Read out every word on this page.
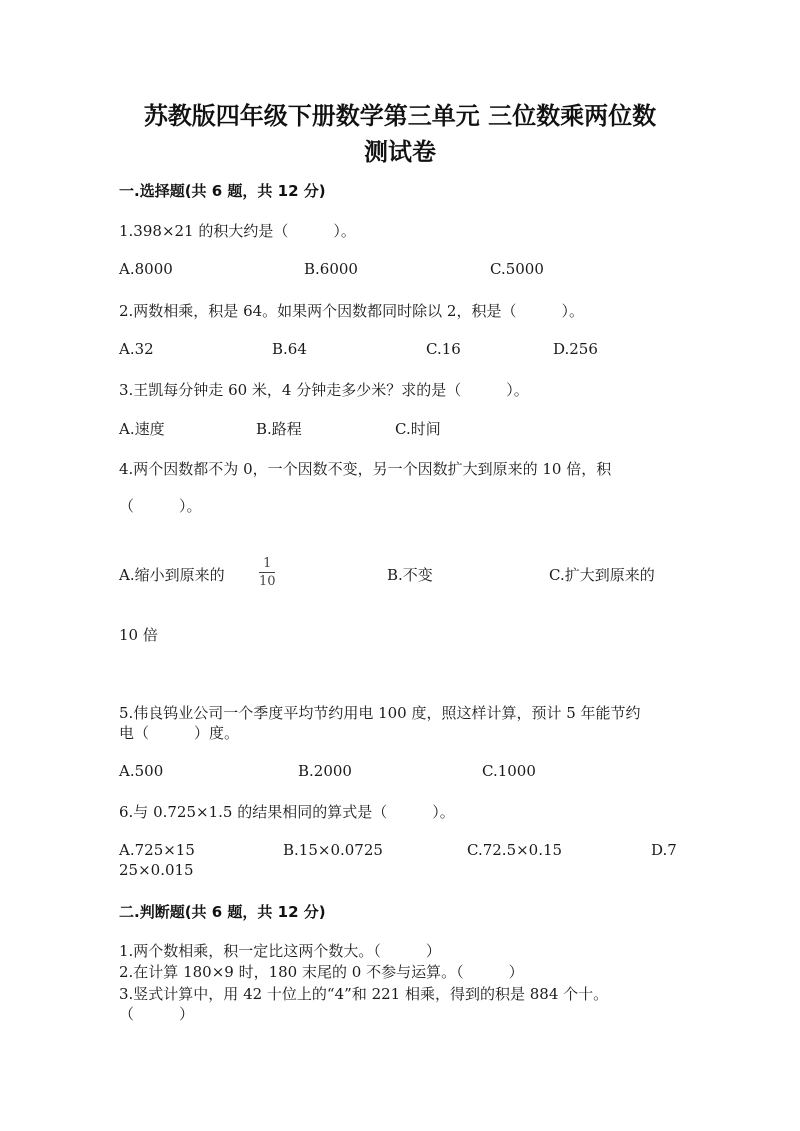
苏教版四年级下册数学第三单元 三位数乘两位数
测试卷
一.选择题(共 6 题，共 12 分)
1.398×21 的积大约是（　　　）。
A.8000	B.6000	C.5000
2.两数相乘，积是 64。如果两个因数都同时除以 2，积是（　　　）。
A.32	B.64	C.16	D.256
3.王凯每分钟走 60 米，4 分钟走多少米？求的是（　　　）。
A.速度	B.路程	C.时间
4.两个因数都不为 0，一个因数不变，另一个因数扩大到原来的 10 倍，积
（　　　）。
A.缩小到原来的
1
10	B.不变	C.扩大到原来的
10 倍
5.伟良钨业公司一个季度平均节约用电 100 度，照这样计算，预计 5 年能节约
电（　　　）度。
A.500	B.2000	C.1000
6.与 0.725×1.5 的结果相同的算式是（　　　）。
A.725×15	B.15×0.0725	C.72.5×0.15	D.7
25×0.015
二.判断题(共 6 题，共 12 分)
1.两个数相乘，积一定比这两个数大。（　　　）
2.在计算 180×9 时，180 末尾的 0 不参与运算。（　　　）
3.竖式计算中，用 42 十位上的“4”和 221 相乘，得到的积是 884 个十。
（　　　）
